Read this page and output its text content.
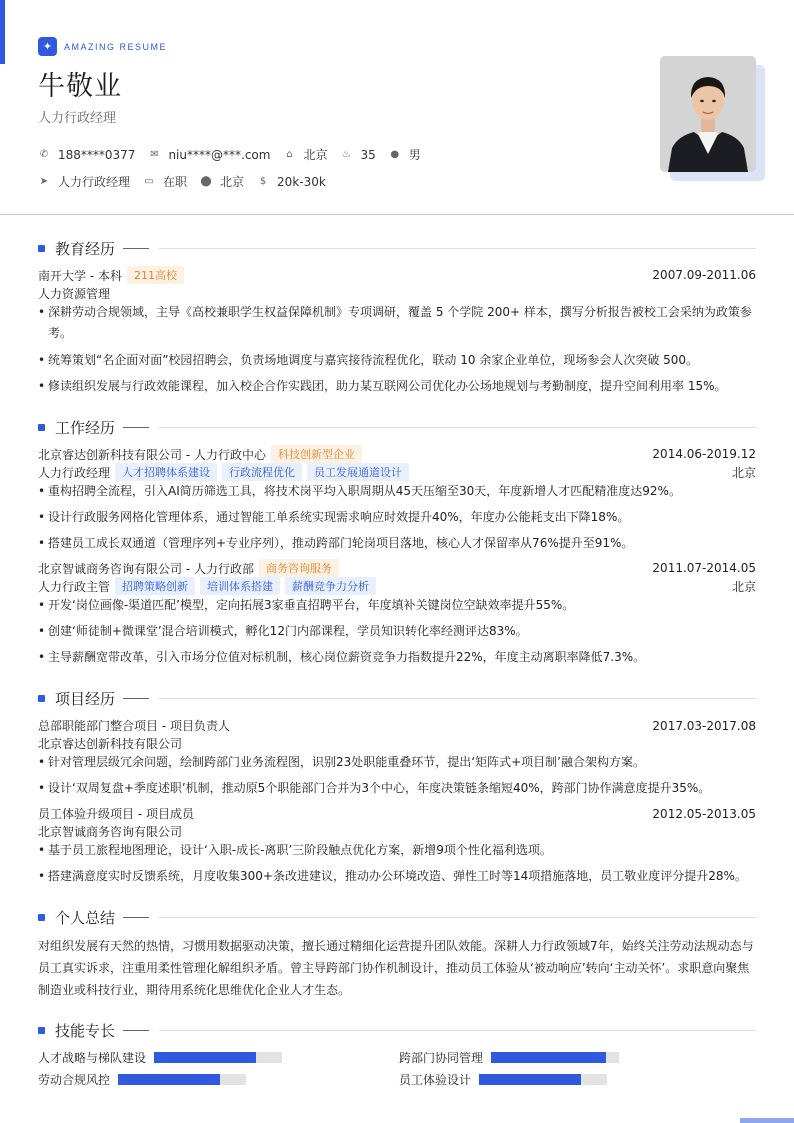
✦	AMAZING RESUME
牛敬业
人力行政经理
✆ 188****0377 ✉ niu****@***.com ⌂ 北京 ♨ 35 ● 男
➤ 人力行政经理 ▭ 在职 ⬤ 北京 $ 20k-30k
教育经历
南开大学 - 本科	211高校	2007.09-2011.06
人力资源管理
• 深耕劳动合规领域，主导《高校兼职学生权益保障机制》专项调研，覆盖 5 个学院 200+ 样本，撰写分析报告被校工会采纳为政策参
考。
• 统筹策划“名企面对面”校园招聘会，负责场地调度与嘉宾接待流程优化，联动 10 余家企业单位，现场参会人次突破 500。
• 修读组织发展与行政效能课程，加入校企合作实践团，助力某互联网公司优化办公场地规划与考勤制度，提升空间利用率 15%。
工作经历
北京睿达创新科技有限公司 - 人力行政中心	科技创新型企业	2014.06-2019.12
人力行政经理	人才招聘体系建设	行政流程优化	员工发展通道设计	北京
• 重构招聘全流程，引入AI简历筛选工具，将技术岗平均入职周期从45天压缩至30天，年度新增人才匹配精准度达92%。
• 设计行政服务网格化管理体系，通过智能工单系统实现需求响应时效提升40%，年度办公能耗支出下降18%。
• 搭建员工成长双通道（管理序列+专业序列），推动跨部门轮岗项目落地，核心人才保留率从76%提升至91%。
北京智诚商务咨询有限公司 - 人力行政部	商务咨询服务	2011.07-2014.05
人力行政主管	招聘策略创新	培训体系搭建	薪酬竞争力分析	北京
• 开发‘岗位画像-渠道匹配’模型，定向拓展3家垂直招聘平台，年度填补关键岗位空缺效率提升55%。
• 创建‘师徒制+微课堂’混合培训模式，孵化12门内部课程，学员知识转化率经测评达83%。
• 主导薪酬宽带改革，引入市场分位值对标机制，核心岗位薪资竞争力指数提升22%，年度主动离职率降低7.3%。
项目经历
总部职能部门整合项目 - 项目负责人	2017.03-2017.08
北京睿达创新科技有限公司
• 针对管理层级冗余问题，绘制跨部门业务流程图，识别23处职能重叠环节，提出‘矩阵式+项目制’融合架构方案。
• 设计‘双周复盘+季度述职’机制，推动原5个职能部门合并为3个中心，年度决策链条缩短40%，跨部门协作满意度提升35%。
员工体验升级项目 - 项目成员	2012.05-2013.05
北京智诚商务咨询有限公司
• 基于员工旅程地图理论，设计‘入职-成长-离职’三阶段触点优化方案，新增9项个性化福利选项。
• 搭建满意度实时反馈系统，月度收集300+条改进建议，推动办公环境改造、弹性工时等14项措施落地，员工敬业度评分提升28%。
个人总结
对组织发展有天然的热情，习惯用数据驱动决策，擅长通过精细化运营提升团队效能。深耕人力行政领域7年，始终关注劳动法规动态与
员工真实诉求，注重用柔性管理化解组织矛盾。曾主导跨部门协作机制设计，推动员工体验从‘被动响应’转向‘主动关怀’。求职意向聚焦
制造业或科技行业，期待用系统化思维优化企业人才生态。
技能专长
人才战略与梯队建设	跨部门协同管理
劳动合规风控	员工体验设计
